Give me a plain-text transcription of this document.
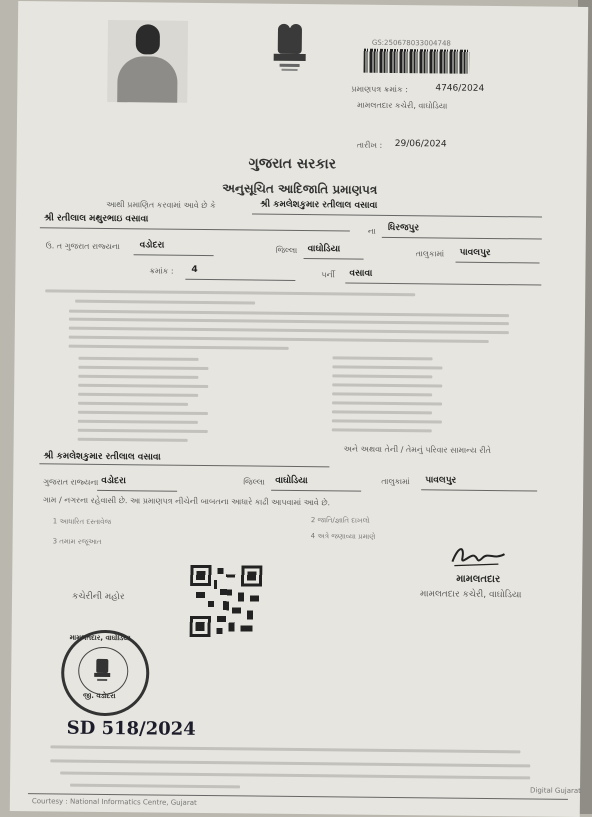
GS:250678033004748
પ્રમાણપત્ર ક્રમાંક :	4746/2024
મામલતદાર કચેરી, વાઘોડિયા
તારીખ : 29/06/2024
ગુજરાત સરકાર
અનુસૂચિત આદિજાતિ પ્રમાણપત્ર
આથી પ્રમાણિત કરવામાં આવે છે કે	શ્રી કમલેશકુમાર રતીલાલ વસાવા
શ્રી રતીલાલ મથુરભાઇ વસાવા
ના ધિરજપુર
ઉ. ત ગુજરાત રાજ્યના વડોદરા	જિલ્લા વાઘોડિયા	તાલુકામાં પાવલપુર
ક્રમાંક : 4	પર્ની વસાવા
શ્રી કમલેશકુમાર રતીલાલ વસાવા
અને અથવા તેની / તેમનું પરિવાર સામાન્ય રીતે
ગુજરાત રાજ્યના વડોદરા	જિલ્લા વાઘોડિયા	તાલુકામાં પાવલપુર
ગામ / નગરના રહેવાસી છે. આ પ્રમાણપત્ર નીચેની બાબતના આધારે કાઢી આપવામાં આવે છે.
1 આધારિત દસ્તાવેજ	2 જાતિ/જ્ઞાતિ દાખલો
3 તમામ રજૂઆત
4 અત્રે જણાવ્યા પ્રમાણે
કચેરીની મહોર
મામલતદાર
મામલતદાર કચેરી, વાઘોડિયા
મામલતદાર, વાઘોડિયા
જી. વડોદરા
SD 518/2024
Digital Gujarat
Courtesy : National Informatics Centre, Gujarat
